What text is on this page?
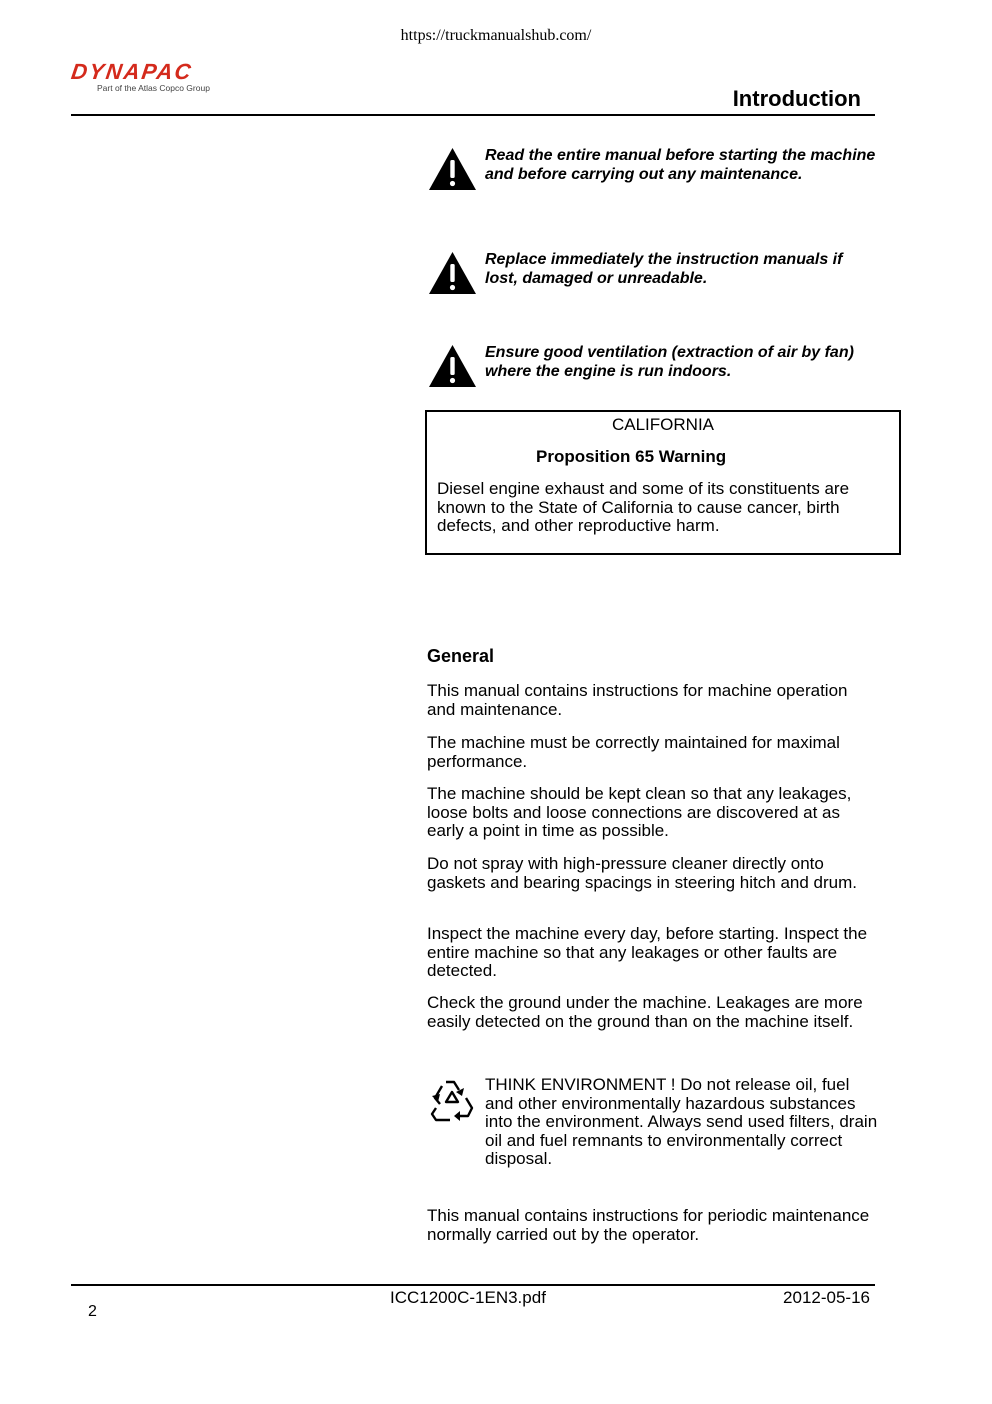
https://truckmanualshub.com/
DYNAPAC
Part of the Atlas Copco Group	Introduction
Read the entire manual before starting the machine and before carrying out any maintenance.
Replace immediately the instruction manuals if lost, damaged or unreadable.
Ensure good ventilation (extraction of air by fan) where the engine is run indoors.
CALIFORNIA
Proposition 65 Warning
Diesel engine exhaust and some of its constituents are known to the State of California to cause cancer, birth defects, and other reproductive harm.
General
This manual contains instructions for machine operation and maintenance.
The machine must be correctly maintained for maximal performance.
The machine should be kept clean so that any leakages, loose bolts and loose connections are discovered at as early a point in time as possible.
Do not spray with high-pressure cleaner directly onto gaskets and bearing spacings in steering hitch and drum.
Inspect the machine every day, before starting. Inspect the entire machine so that any leakages or other faults are detected.
Check the ground under the machine. Leakages are more easily detected on the ground than on the machine itself.
THINK ENVIRONMENT ! Do not release oil, fuel and other environmentally hazardous substances into the environment. Always send used filters, drain oil and fuel remnants to environmentally correct disposal.
This manual contains instructions for periodic maintenance normally carried out by the operator.
ICC1200C-1EN3.pdf	2012-05-16
2
